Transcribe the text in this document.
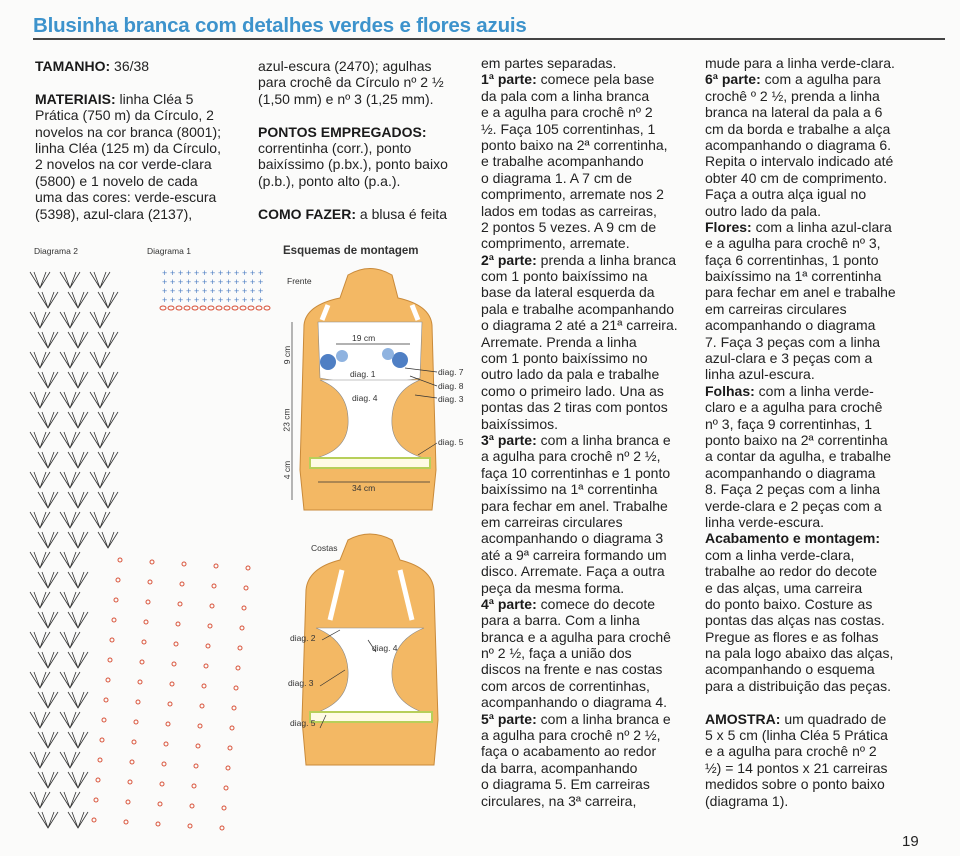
Blusinha branca com detalhes verdes e flores azuis
TAMANHO: 36/38
MATERIAIS: linha Cléa 5
Prática (750 m) da Círculo, 2
novelos na cor branca (8001);
linha Cléa (125 m) da Círculo,
2 novelos na cor verde-clara
(5800) e 1 novelo de cada
uma das cores: verde-escura
(5398), azul-clara (2137),
azul-escura (2470); agulhas
para crochê da Círculo nº 2 ½
(1,50 mm) e nº 3 (1,25 mm).
PONTOS EMPREGADOS:
correntinha (corr.), ponto
baixíssimo (p.bx.), ponto baixo
(p.b.), ponto alto (p.a.).
COMO FAZER: a blusa é feita
em partes separadas.
1ª parte: comece pela base
da pala com a linha branca
e a agulha para crochê nº 2
½. Faça 105 correntinhas, 1
ponto baixo na 2ª correntinha,
e trabalhe acompanhando
o diagrama 1. A 7 cm de
comprimento, arremate nos 2
lados em todas as carreiras,
2 pontos 5 vezes. A 9 cm de
comprimento, arremate.
2ª parte: prenda a linha branca
com 1 ponto baixíssimo na
base da lateral esquerda da
pala e trabalhe acompanhando
o diagrama 2 até a 21ª carreira.
Arremate. Prenda a linha
com 1 ponto baixíssimo no
outro lado da pala e trabalhe
como o primeiro lado. Una as
pontas das 2 tiras com pontos
baixíssimos.
3ª parte: com a linha branca e
a agulha para crochê nº 2 ½,
faça 10 correntinhas e 1 ponto
baixíssimo na 1ª correntinha
para fechar em anel. Trabalhe
em carreiras circulares
acompanhando o diagrama 3
até a 9ª carreira formando um
disco. Arremate. Faça a outra
peça da mesma forma.
4ª parte: comece do decote
para a barra. Com a linha
branca e a agulha para crochê
nº 2 ½, faça a união dos
discos na frente e nas costas
com arcos de correntinhas,
acompanhando o diagrama 4.
5ª parte: com a linha branca e
a agulha para crochê nº 2 ½,
faça o acabamento ao redor
da barra, acompanhando
o diagrama 5. Em carreiras
circulares, na 3ª carreira,
mude para a linha verde-clara.
6ª parte: com a agulha para
crochê º 2 ½, prenda a linha
branca na lateral da pala a 6
cm da borda e trabalhe a alça
acompanhando o diagrama 6.
Repita o intervalo indicado até
obter 40 cm de comprimento.
Faça a outra alça igual no
outro lado da pala.
Flores: com a linha azul-clara
e a agulha para crochê nº 3,
faça 6 correntinhas, 1 ponto
baixíssimo na 1ª correntinha
para fechar em anel e trabalhe
em carreiras circulares
acompanhando o diagrama
7. Faça 3 peças com a linha
azul-clara e 3 peças com a
linha azul-escura.
Folhas: com a linha verde-
claro e a agulha para crochê
nº 3, faça 9 correntinhas, 1
ponto baixo na 2ª correntinha
a contar da agulha, e trabalhe
acompanhando o diagrama
8. Faça 2 peças com a linha
verde-clara e 2 peças com a
linha verde-escura.
Acabamento e montagem:
com a linha verde-clara,
trabalhe ao redor do decote
e das alças, uma carreira
do ponto baixo. Costure as
pontas das alças nas costas.
Pregue as flores e as folhas
na pala logo abaixo das alças,
acompanhando o esquema
para a distribuição das peças.
AMOSTRA: um quadrado de
5 x 5 cm (linha Cléa 5 Prática
e a agulha para crochê nº 2
½) = 14 pontos x 21 carreiras
medidos sobre o ponto baixo
(diagrama 1).
+ + + + + + + + + + + + +
+ + + + + + + + + + + + +
+ + + + + + + + + + + + +
+ + + + + + + + + + + + +
Diagrama 2	Diagrama 1	Esquemas de montagem
Frente
19 cm
9 cm
23 cm
4 cm
34 cm
diag. 1
diag. 4
diag. 7
diag. 8
diag. 3
diag. 5
Costas
diag. 2
diag. 4
diag. 3
diag. 5
19
